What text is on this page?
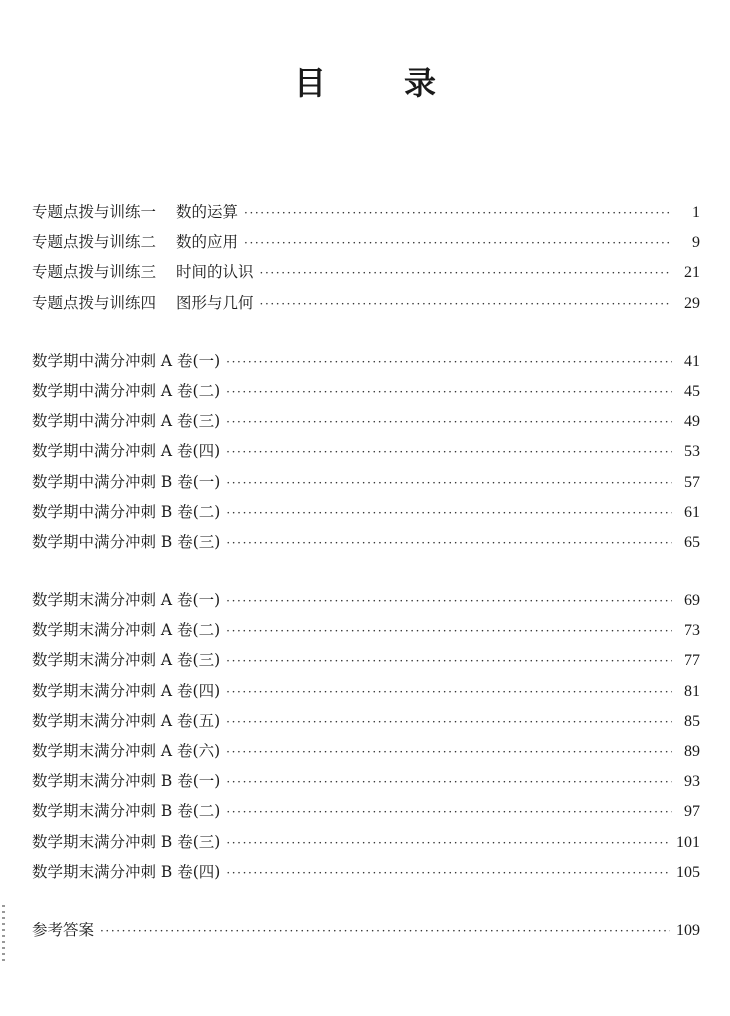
目 录
专题点拨与训练一 数的运算 ·····	1
专题点拨与训练二 数的应用 ·····	9
专题点拨与训练三 时间的认识 ·····	21
专题点拨与训练四 图形与几何 ·····	29
数学期中满分冲刺 A 卷(一) ·····	41
数学期中满分冲刺 A 卷(二) ·····	45
数学期中满分冲刺 A 卷(三) ·····	49
数学期中满分冲刺 A 卷(四) ·····	53
数学期中满分冲刺 B 卷(一) ·····	57
数学期中满分冲刺 B 卷(二) ·····	61
数学期中满分冲刺 B 卷(三) ·····	65
数学期末满分冲刺 A 卷(一) ·····	69
数学期末满分冲刺 A 卷(二) ·····	73
数学期末满分冲刺 A 卷(三) ·····	77
数学期末满分冲刺 A 卷(四) ·····	81
数学期末满分冲刺 A 卷(五) ·····	85
数学期末满分冲刺 A 卷(六) ·····	89
数学期末满分冲刺 B 卷(一) ·····	93
数学期末满分冲刺 B 卷(二) ·····	97
数学期末满分冲刺 B 卷(三) ·····	101
数学期末满分冲刺 B 卷(四) ·····	105
参考答案 ·····	109
